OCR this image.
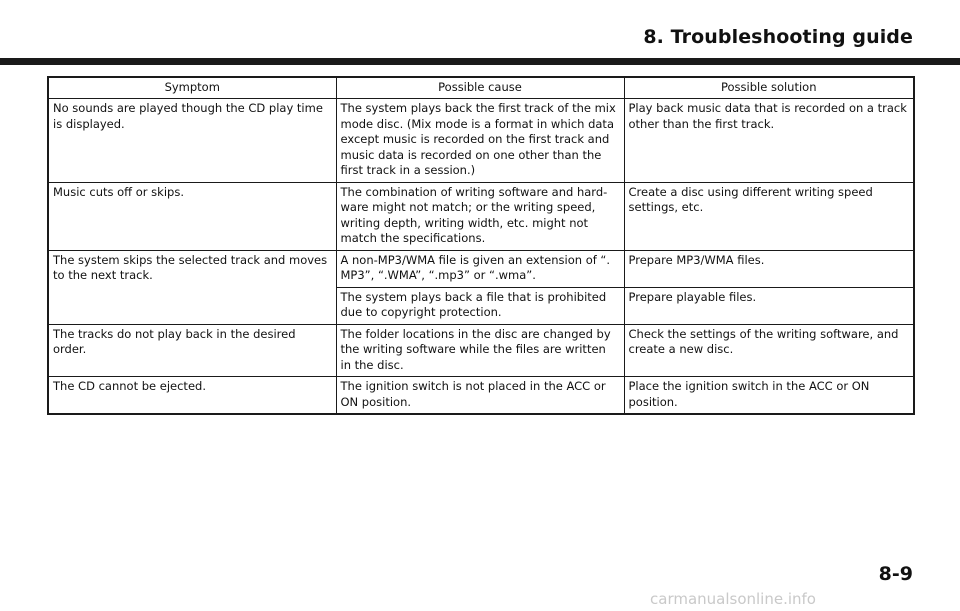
8. Troubleshooting guide
Symptom	Possible cause	Possible solution
No sounds are played though the CD play time is displayed.	The system plays back the first track of the mix mode disc. (Mix mode is a format in which data except music is recorded on the first track and music data is recorded on one other than the first track in a session.)	Play back music data that is recorded on a track other than the first track.
Music cuts off or skips.	The combination of writing software and hard-ware might not match; or the writing speed, writing depth, writing width, etc. might not match the specifications.	Create a disc using different writing speed settings, etc.
The system skips the selected track and moves to the next track.	A non-MP3/WMA file is given an extension of “. MP3”, “.WMA”, “.mp3” or “.wma”.	Prepare MP3/WMA files.
	The system plays back a file that is prohibited due to copyright protection.	Prepare playable files.
The tracks do not play back in the desired order.	The folder locations in the disc are changed by the writing software while the files are written in the disc.	Check the settings of the writing software, and create a new disc.
The CD cannot be ejected.	The ignition switch is not placed in the ACC or ON position.	Place the ignition switch in the ACC or ON position.
8-9
carmanualsonline.info
